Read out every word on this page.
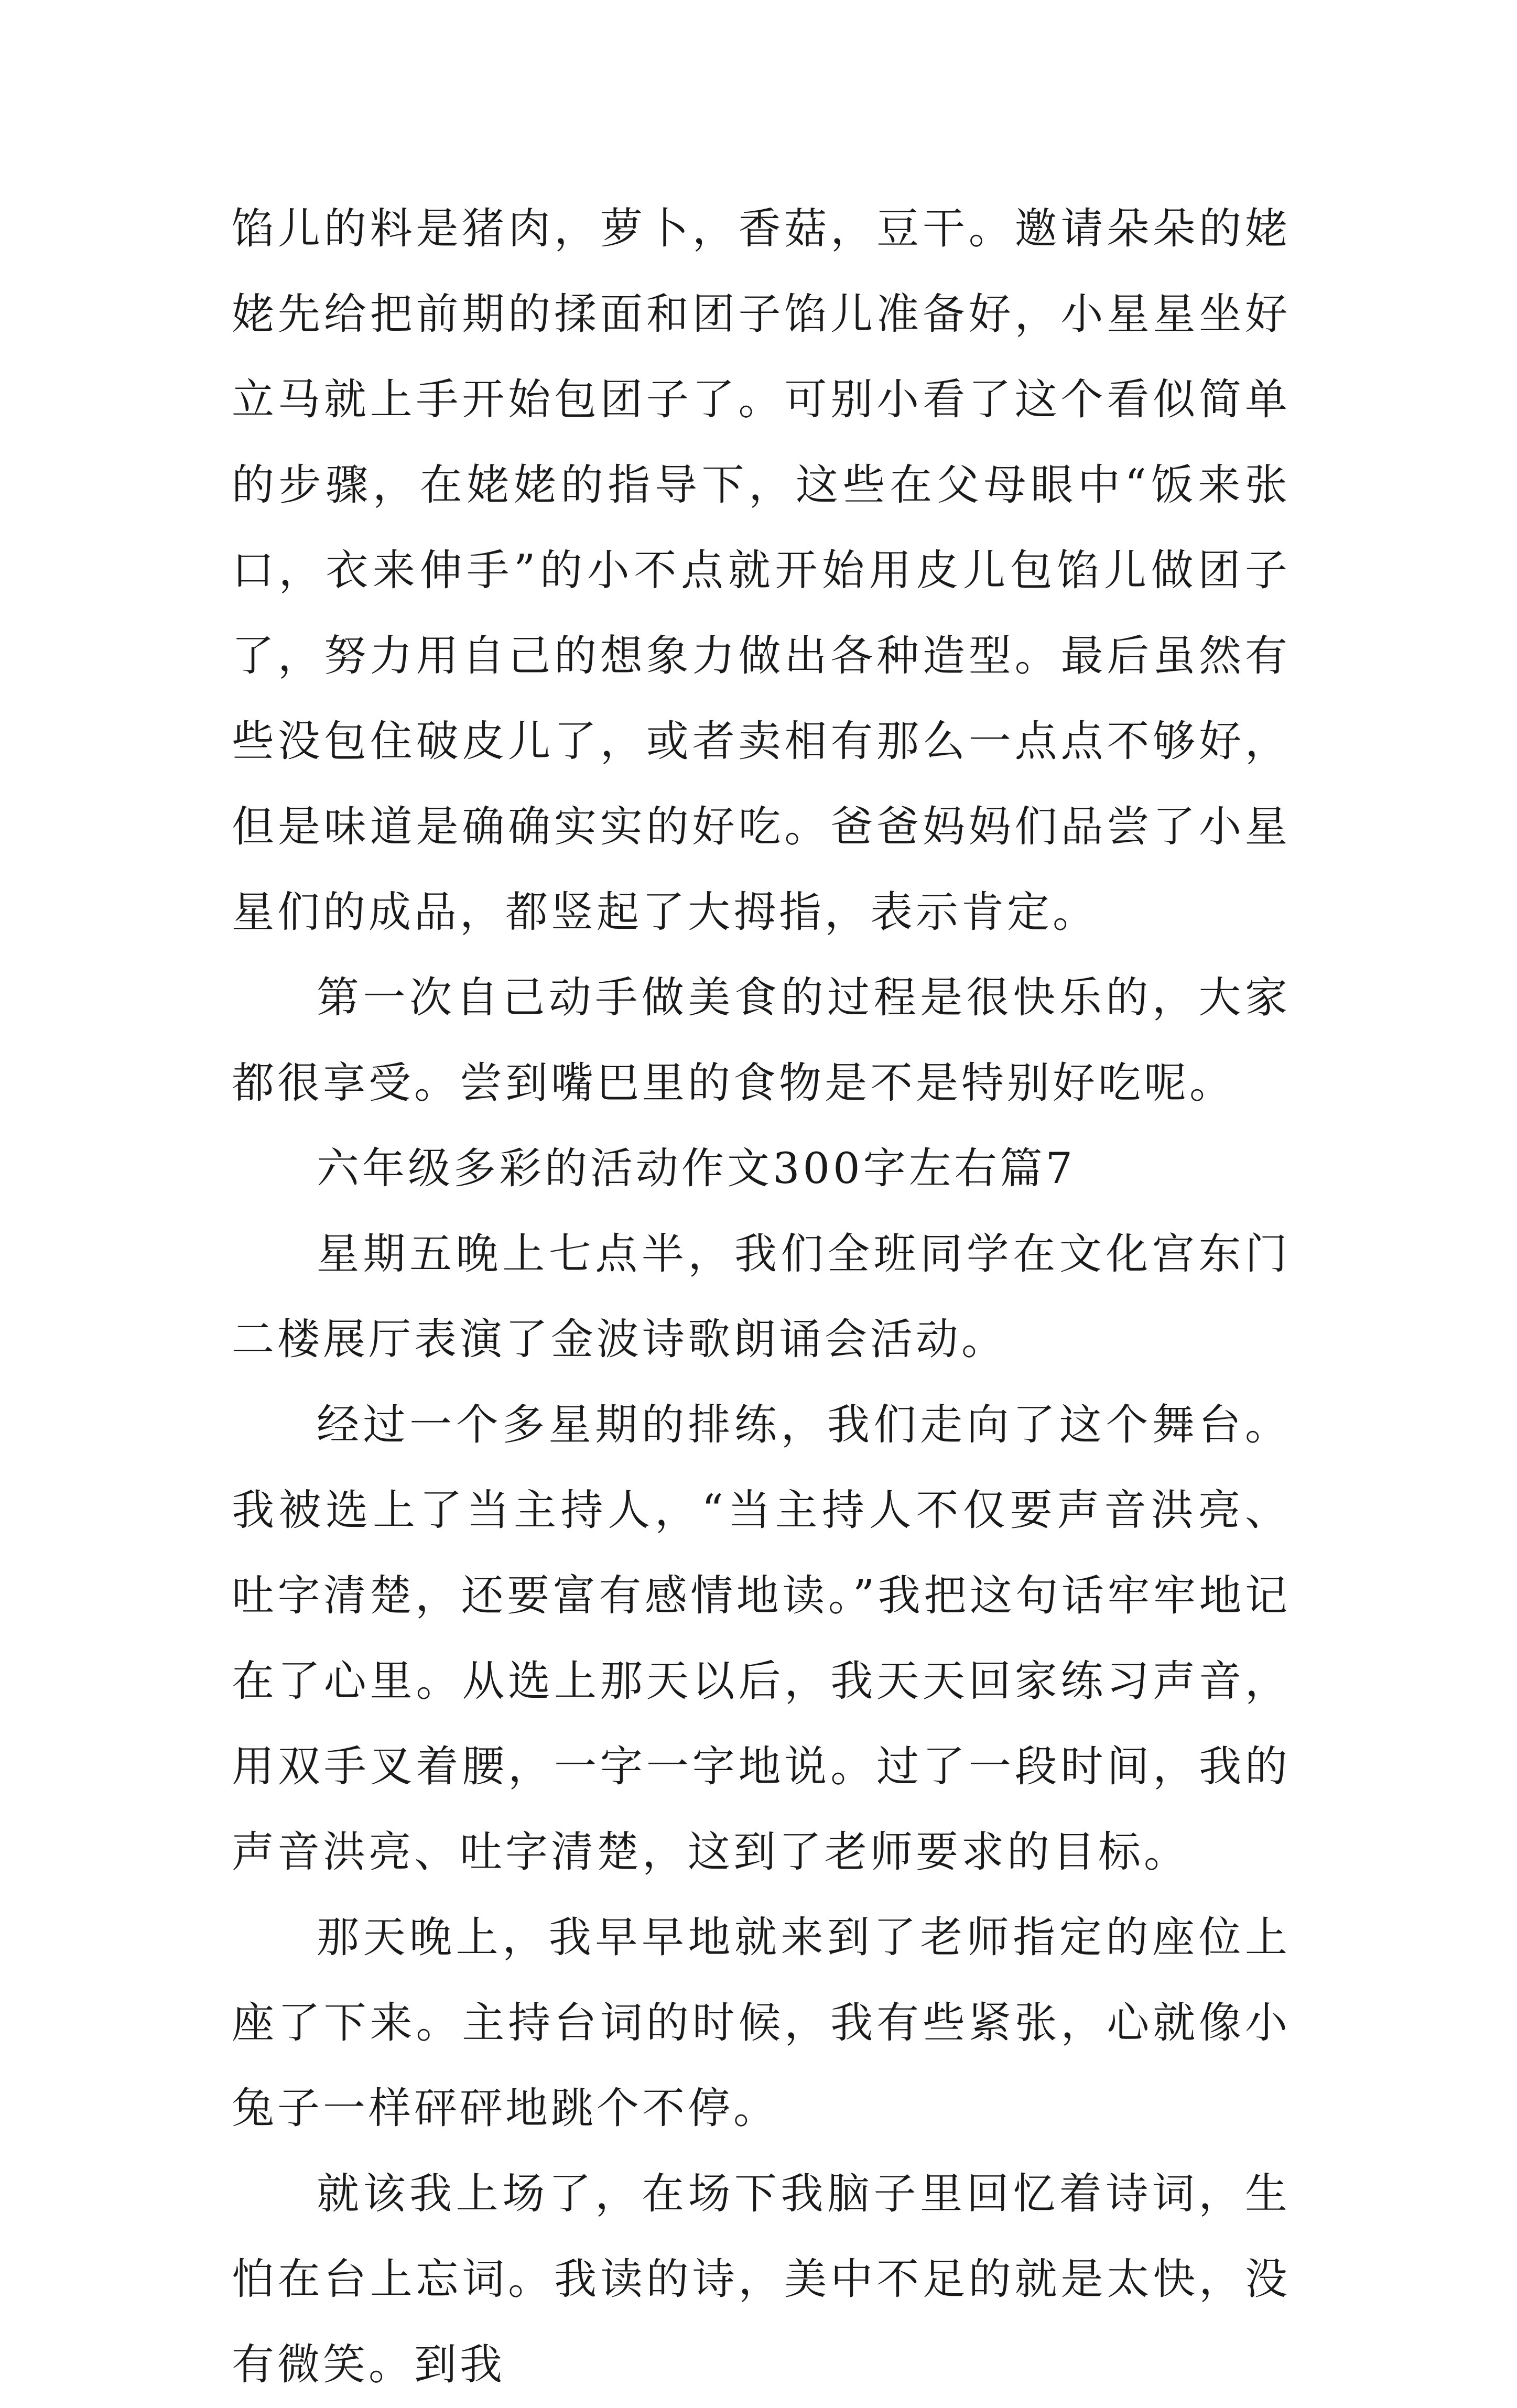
馅儿的料是猪肉，萝卜，香菇，豆干。邀请朵朵的姥姥先给把前期的揉面和团子馅儿准备好，小星星坐好立马就上手开始包团子了。可别小看了这个看似简单的步骤，在姥姥的指导下，这些在父母眼中“饭来张口，衣来伸手”的小不点就开始用皮儿包馅儿做团子了，努力用自己的想象力做出各种造型。最后虽然有些没包住破皮儿了，或者卖相有那么一点点不够好，但是味道是确确实实的好吃。爸爸妈妈们品尝了小星星们的成品，都竖起了大拇指，表示肯定。

第一次自己动手做美食的过程是很快乐的，大家都很享受。尝到嘴巴里的食物是不是特别好吃呢。

六年级多彩的活动作文300字左右篇7

星期五晚上七点半，我们全班同学在文化宫东门二楼展厅表演了金波诗歌朗诵会活动。

经过一个多星期的排练，我们走向了这个舞台。我被选上了当主持人，“当主持人不仅要声音洪亮、吐字清楚，还要富有感情地读。”我把这句话牢牢地记在了心里。从选上那天以后，我天天回家练习声音，用双手叉着腰，一字一字地说。过了一段时间，我的声音洪亮、吐字清楚，这到了老师要求的目标。

那天晚上，我早早地就来到了老师指定的座位上座了下来。主持台词的时候，我有些紧张，心就像小兔子一样砰砰地跳个不停。

就该我上场了，在场下我脑子里回忆着诗词，生怕在台上忘词。我读的诗，美中不足的就是太快，没有微笑。到我
